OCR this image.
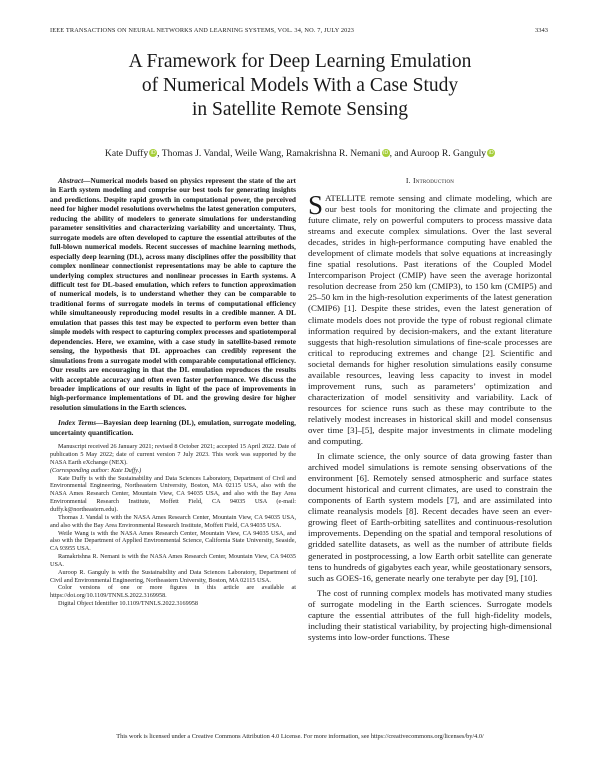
IEEE TRANSACTIONS ON NEURAL NETWORKS AND LEARNING SYSTEMS, VOL. 34, NO. 7, JULY 2023	3343
A Framework for Deep Learning Emulation
of Numerical Models With a Case Study
in Satellite Remote Sensing
Kate Duffy iD, Thomas J. Vandal, Weile Wang, Ramakrishna R. Nemani iD, and Auroop R. Ganguly iD

Abstract—Numerical models based on physics represent the state of the art in Earth system modeling and comprise our best tools for generating insights and predictions. Despite rapid growth in computational power, the perceived need for higher model resolutions overwhelms the latest generation computers, reducing the ability of modelers to generate simulations for understanding parameter sensitivities and characterizing variability and uncertainty. Thus, surrogate models are often developed to capture the essential attributes of the full-blown numerical models. Recent successes of machine learning methods, especially deep learning (DL), across many disciplines offer the possibility that complex nonlinear connectionist representations may be able to capture the underlying complex structures and nonlinear processes in Earth systems. A difficult test for DL-based emulation, which refers to function approximation of numerical models, is to understand whether they can be comparable to traditional forms of surrogate models in terms of computational efficiency while simultaneously reproducing model results in a credible manner. A DL emulation that passes this test may be expected to perform even better than simple models with respect to capturing complex processes and spatiotemporal dependencies. Here, we examine, with a case study in satellite-based remote sensing, the hypothesis that DL approaches can credibly represent the simulations from a surrogate model with comparable computational efficiency. Our results are encouraging in that the DL emulation reproduces the results with acceptable accuracy and often even faster performance. We discuss the broader implications of our results in light of the pace of improvements in high-performance implementations of DL and the growing desire for higher resolution simulations in the Earth sciences.

Index Terms—Bayesian deep learning (DL), emulation, surrogate modeling, uncertainty quantification.

Manuscript received 26 January 2021; revised 8 October 2021; accepted 15 April 2022. Date of publication 5 May 2022; date of current version 7 July 2023. This work was supported by the NASA Earth eXchange (NEX).

(Corresponding author: Kate Duffy.)

Kate Duffy is with the Sustainability and Data Sciences Laboratory, Department of Civil and Environmental Engineering, Northeastern University, Boston, MA 02115 USA, also with the NASA Ames Research Center, Mountain View, CA 94035 USA, and also with the Bay Area Environmental Research Institute, Moffett Field, CA 94035 USA (e-mail: duffy.k@northeastern.edu).

Thomas J. Vandal is with the NASA Ames Research Center, Mountain View, CA 94035 USA, and also with the Bay Area Environmental Research Institute, Moffett Field, CA 94035 USA.

Weile Wang is with the NASA Ames Research Center, Mountain View, CA 94035 USA, and also with the Department of Applied Environmental Science, California State University, Seaside, CA 93955 USA.

Ramakrishna R. Nemani is with the NASA Ames Research Center, Mountain View, CA 94035 USA.

Auroop R. Ganguly is with the Sustainability and Data Sciences Laboratory, Department of Civil and Environmental Engineering, Northeastern University, Boston, MA 02115 USA.

Color versions of one or more figures in this article are available at https://doi.org/10.1109/TNNLS.2022.3169958.

Digital Object Identifier 10.1109/TNNLS.2022.3169958

I. Introduction

SATELLITE remote sensing and climate modeling, which are our best tools for monitoring the climate and projecting the future climate, rely on powerful computers to process massive data streams and execute complex simulations. Over the last several decades, strides in high-performance computing have enabled the development of climate models that solve equations at increasingly fine spatial resolutions. Past iterations of the Coupled Model Intercomparison Project (CMIP) have seen the average horizontal resolution decrease from 250 km (CMIP3), to 150 km (CMIP5) and 25–50 km in the high-resolution experiments of the latest generation (CMIP6) [1]. Despite these strides, even the latest generation of climate models does not provide the type of robust regional climate information required by decision-makers, and the extant literature suggests that high-resolution simulations of fine-scale processes are critical to reproducing extremes and change [2]. Scientific and societal demands for higher resolution simulations easily consume available resources, leaving less capacity to invest in model improvement runs, such as parameters’ optimization and characterization of model sensitivity and variability. Lack of resources for science runs such as these may contribute to the relatively modest increases in historical skill and model consensus over time [3]–[5], despite major investments in climate modeling and computing.

In climate science, the only source of data growing faster than archived model simulations is remote sensing observations of the environment [6]. Remotely sensed atmospheric and surface states document historical and current climates, are used to constrain the components of Earth system models [7], and are assimilated into climate reanalysis models [8]. Recent decades have seen an ever-growing fleet of Earth-orbiting satellites and continuous-resolution improvements. Depending on the spatial and temporal resolutions of gridded satellite datasets, as well as the number of attribute fields generated in postprocessing, a low Earth orbit satellite can generate tens to hundreds of gigabytes each year, while geostationary sensors, such as GOES-16, generate nearly one terabyte per day [9], [10].

The cost of running complex models has motivated many studies of surrogate modeling in the Earth sciences. Surrogate models capture the essential attributes of the full high-fidelity models, including their statistical variability, by projecting high-dimensional systems into low-order functions. These

This work is licensed under a Creative Commons Attribution 4.0 License. For more information, see https://creativecommons.org/licenses/by/4.0/
